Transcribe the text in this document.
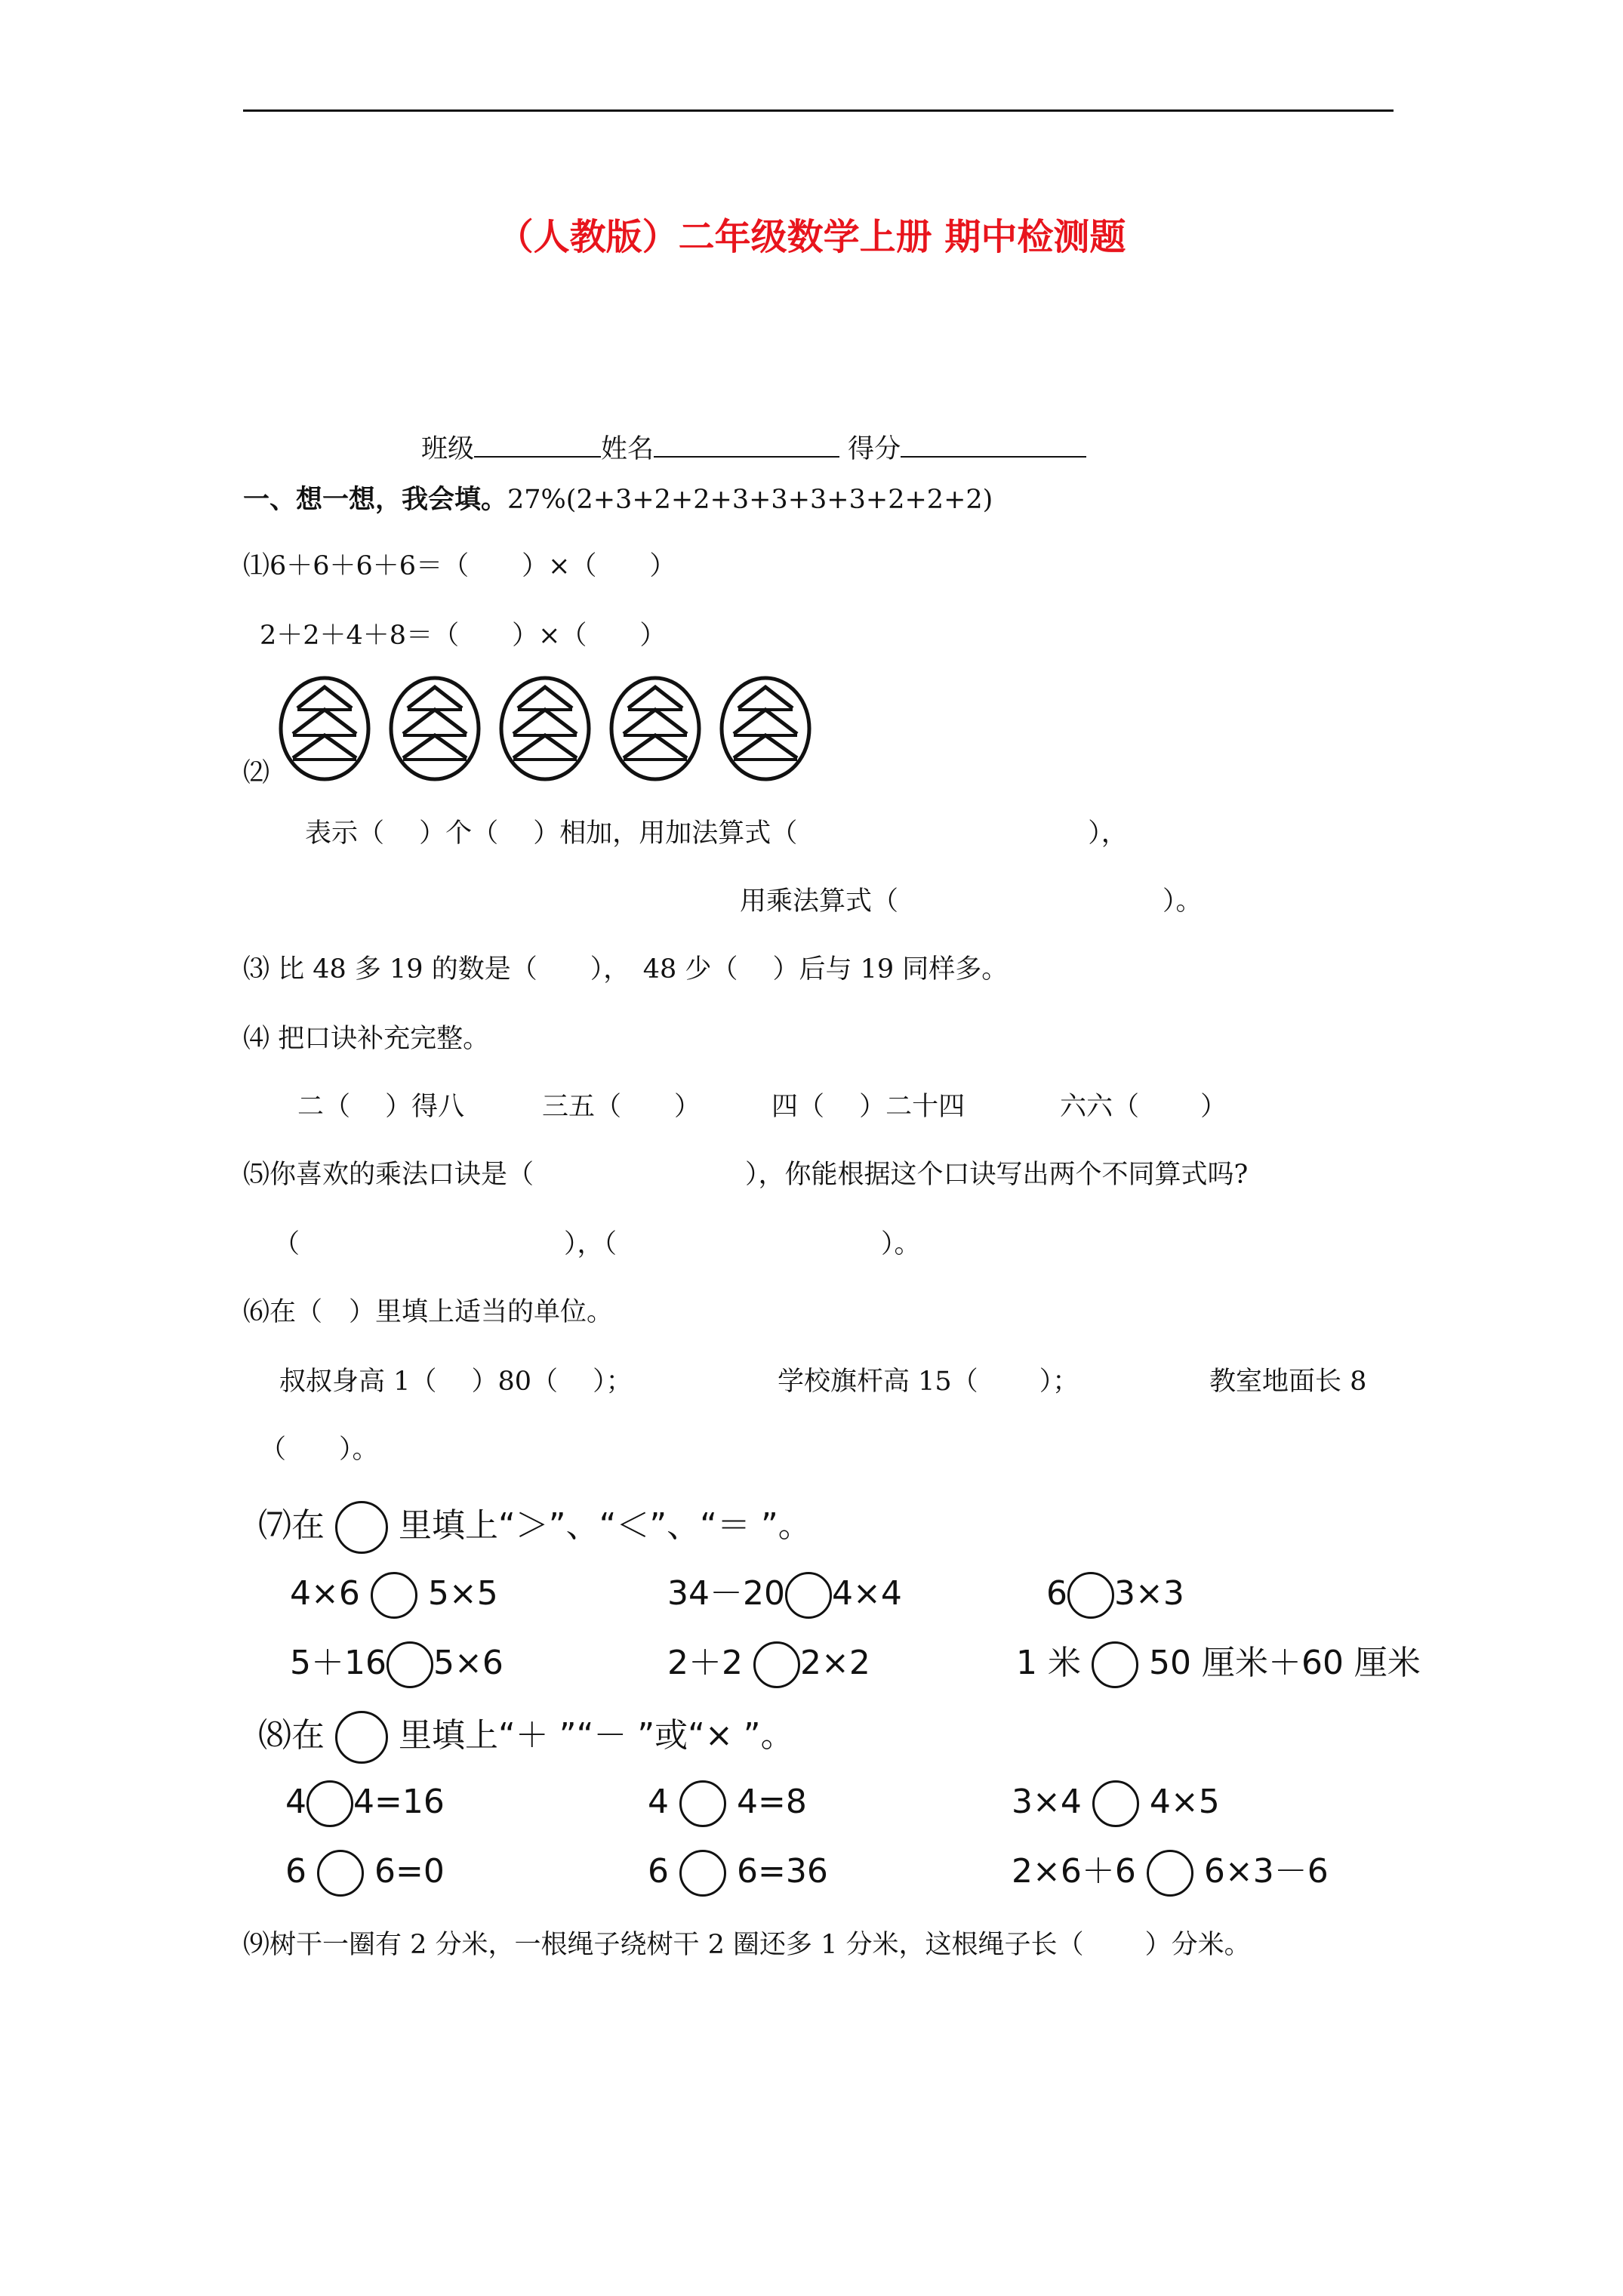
（人教版）二年级数学上册 期中检测题
班级	姓名	得分
一、想一想，我会填。27%(2+3+2+2+3+3+3+3+2+2+2)
⑴6＋6＋6＋6＝（　　）×（　　）
2＋2＋4＋8＝（　　）×（　　）
⑵
表示（　 ）个（　 ）相加，用加法算式（　　　　　　　　　　　），
用乘法算式（　　　　　　　　　　）。
⑶ 比 48 多 19 的数是（　　），　48 少（　 ）后与 19 同样多。
⑷ 把口诀补充完整。
二（　 ）得八	三五（　　）	四（　 ）二十四	六六（　　 ）
⑸你喜欢的乘法口诀是（　　　　　　　　），你能根据这个口诀写出两个不同算式吗?
（　　　　　　　　　　），（　　　　　　　　　　）。
⑹在（　）里填上适当的单位。
叔叔身高 1（　 ）80（　 ）；	学校旗杆高 15（　　 ）；	教室地面长 8
（　　）。
⑺在 里填上“＞”、“＜”、“＝ ”。
4×6 5×5	34－20 4×4	6 3×3
5＋16 5×6	2＋2 2×2	1 米 50 厘米＋60 厘米
⑻在 里填上“＋ ”“－ ”或“× ”。
4 4=16	4 4=8	3×4 4×5
6 6=0	6 6=36	2×6＋6 6×3－6
⑼树干一圈有 2 分米，一根绳子绕树干 2 圈还多 1 分米，这根绳子长（　　 ）分米。
